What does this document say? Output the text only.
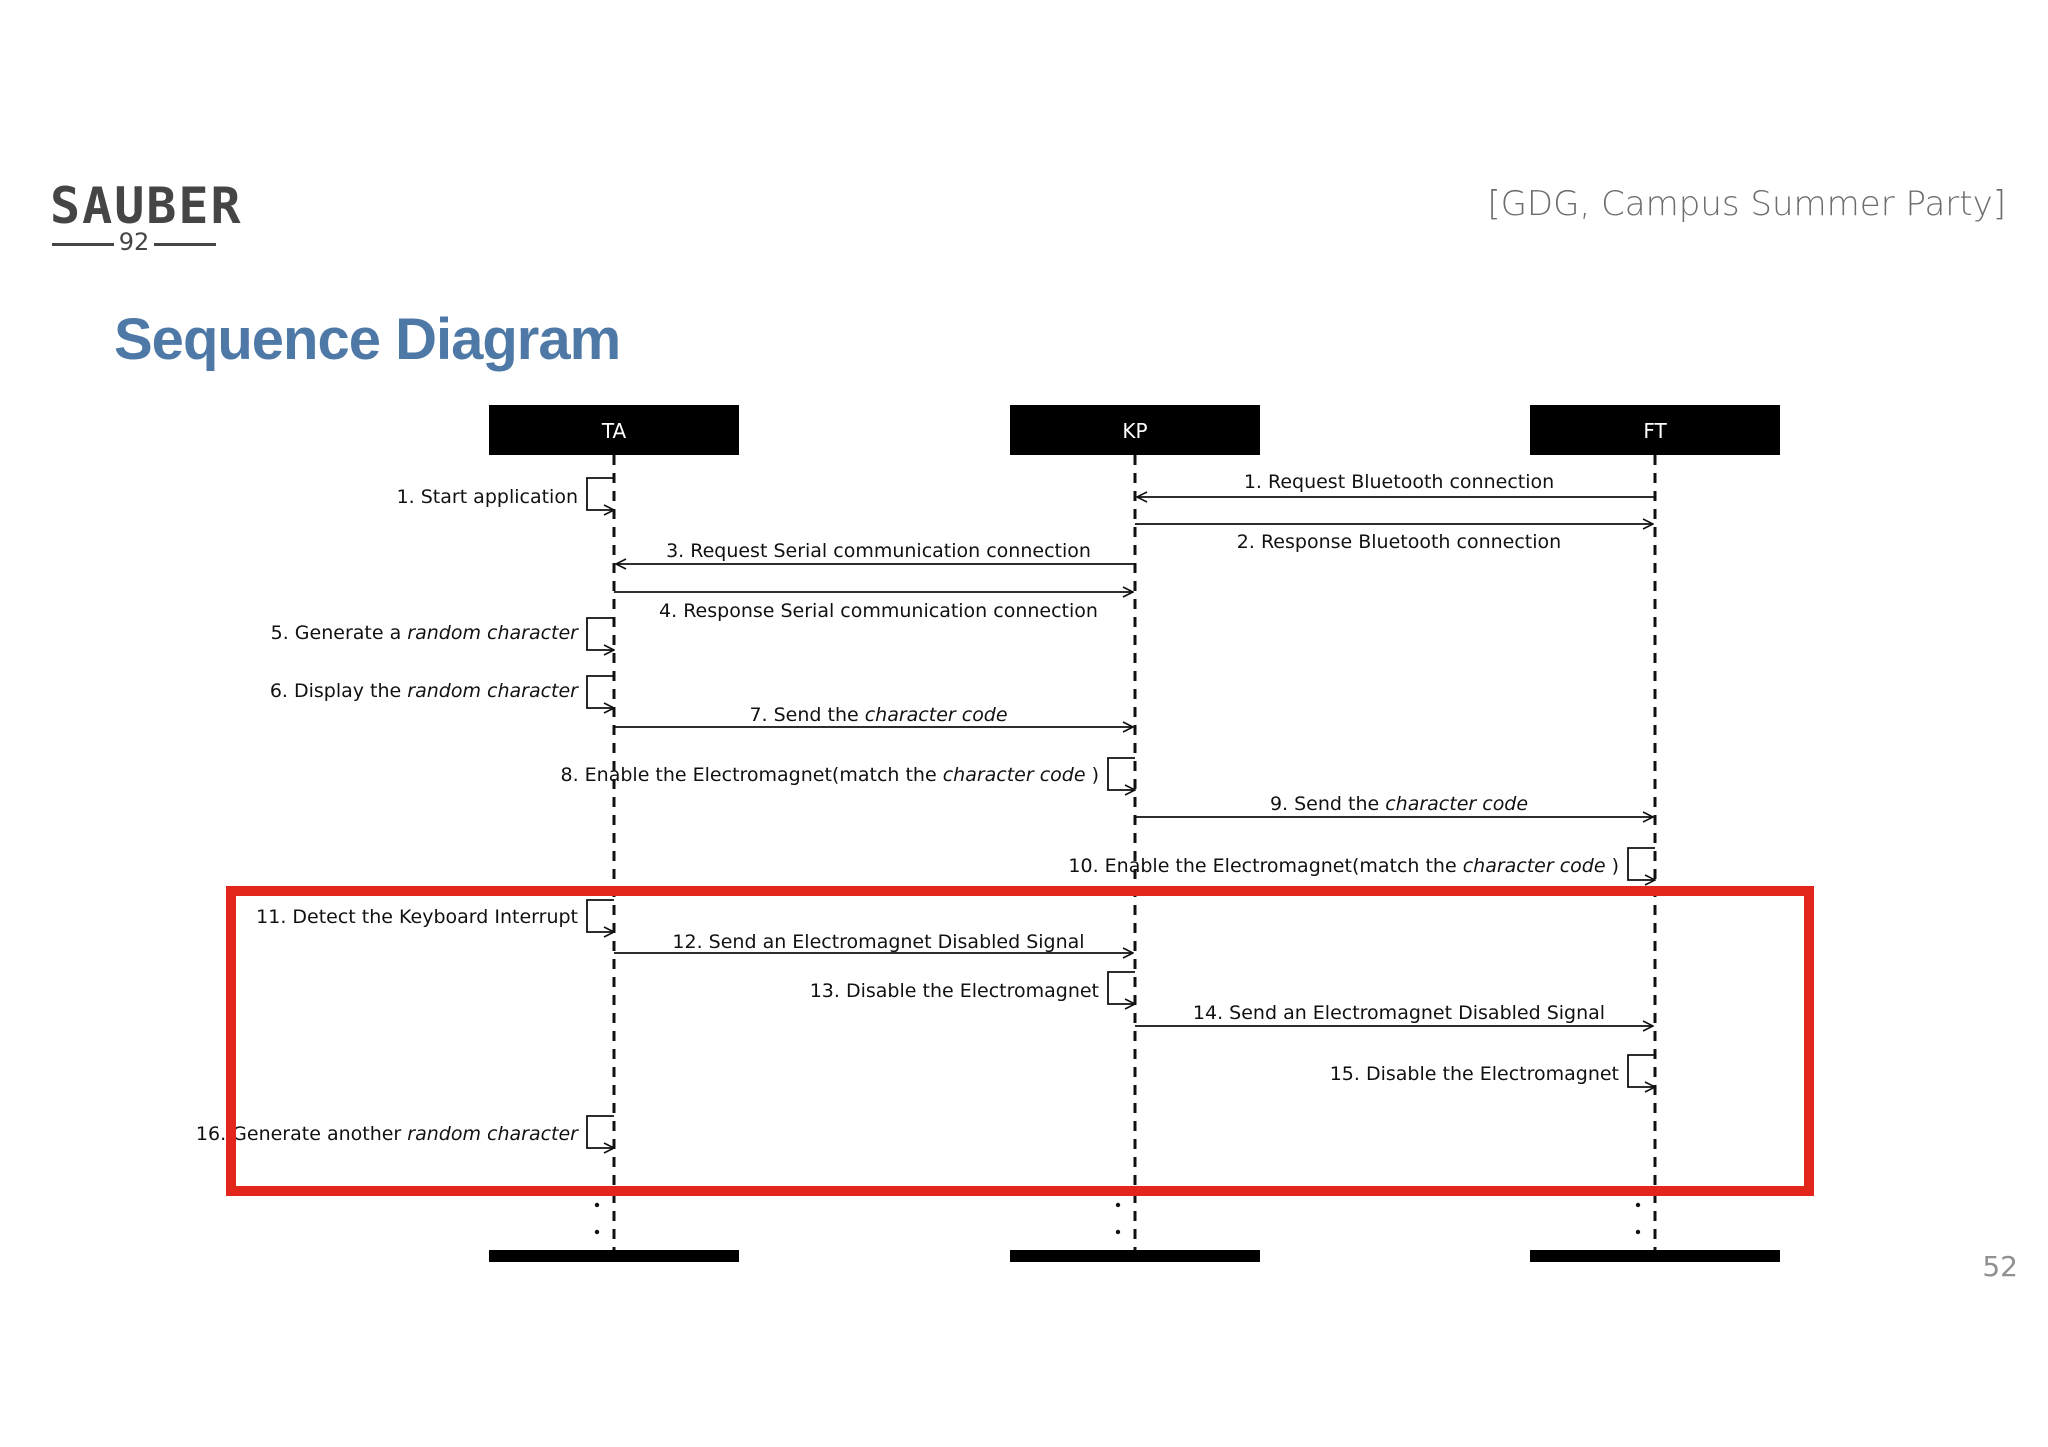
SAUBER
92
[GDG, Campus Summer Party]
Sequence Diagram
52
TA	KP	FT
1. Request Bluetooth connection
2. Response Bluetooth connection
3. Request Serial communication connection
4. Response Serial communication connection
1. Start application
5. Generate a random character
6. Display the random character
7. Send the character code
8. Enable the Electromagnet(match the character code )
9. Send the character code
10. Enable the Electromagnet(match the character code )
11. Detect the Keyboard Interrupt
12. Send an Electromagnet Disabled Signal
13. Disable the Electromagnet
14. Send an Electromagnet Disabled Signal
15. Disable the Electromagnet
16. Generate another random character
